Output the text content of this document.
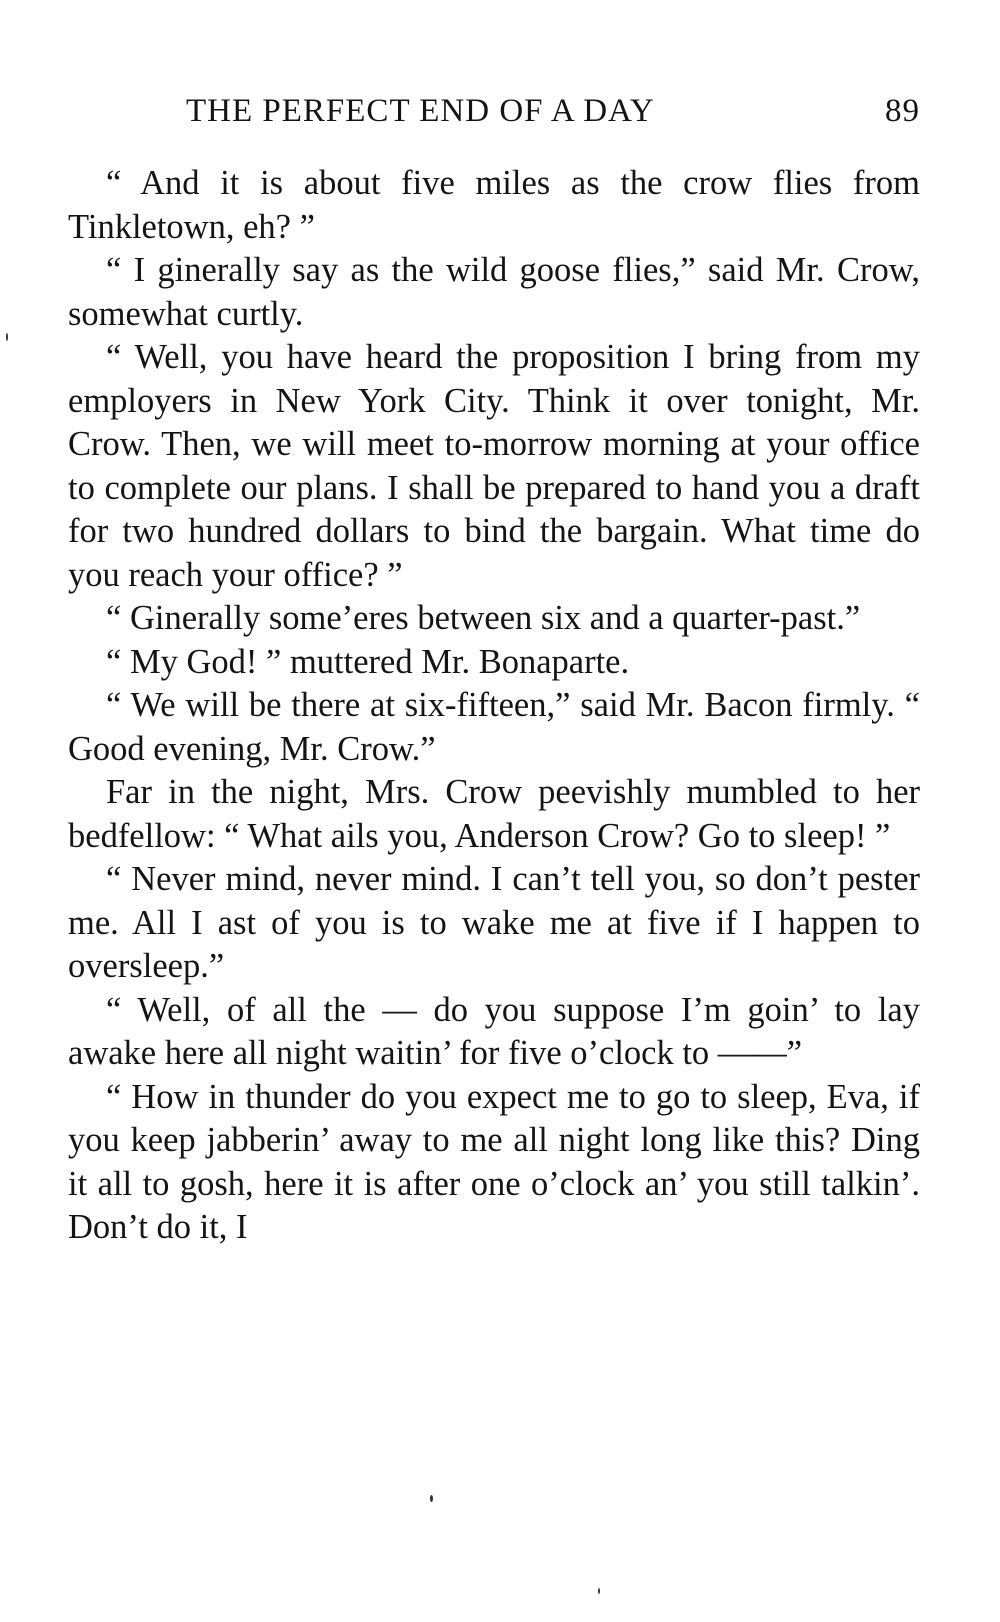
THE PERFECT END OF A DAY	89

“ And it is about five miles as the crow flies from Tinkletown, eh? ”

“ I ginerally say as the wild goose flies,” said Mr. Crow, somewhat curtly.

“ Well, you have heard the proposition I bring from my employers in New York City. Think it over tonight, Mr. Crow. Then, we will meet to-morrow morning at your office to complete our plans. I shall be prepared to hand you a draft for two hundred dollars to bind the bargain. What time do you reach your office? ”

“ Ginerally some’eres between six and a quarter-past.”

“ My God! ” muttered Mr. Bonaparte.

“ We will be there at six-fifteen,” said Mr. Bacon firmly. “ Good evening, Mr. Crow.”

Far in the night, Mrs. Crow peevishly mumbled to her bedfellow: “ What ails you, Anderson Crow? Go to sleep! ”

“ Never mind, never mind. I can’t tell you, so don’t pester me. All I ast of you is to wake me at five if I happen to oversleep.”

“ Well, of all the — do you suppose I’m goin’ to lay awake here all night waitin’ for five o’clock to ——”

“ How in thunder do you expect me to go to sleep, Eva, if you keep jabberin’ away to me all night long like this? Ding it all to gosh, here it is after one o’clock an’ you still talkin’. Don’t do it, I
